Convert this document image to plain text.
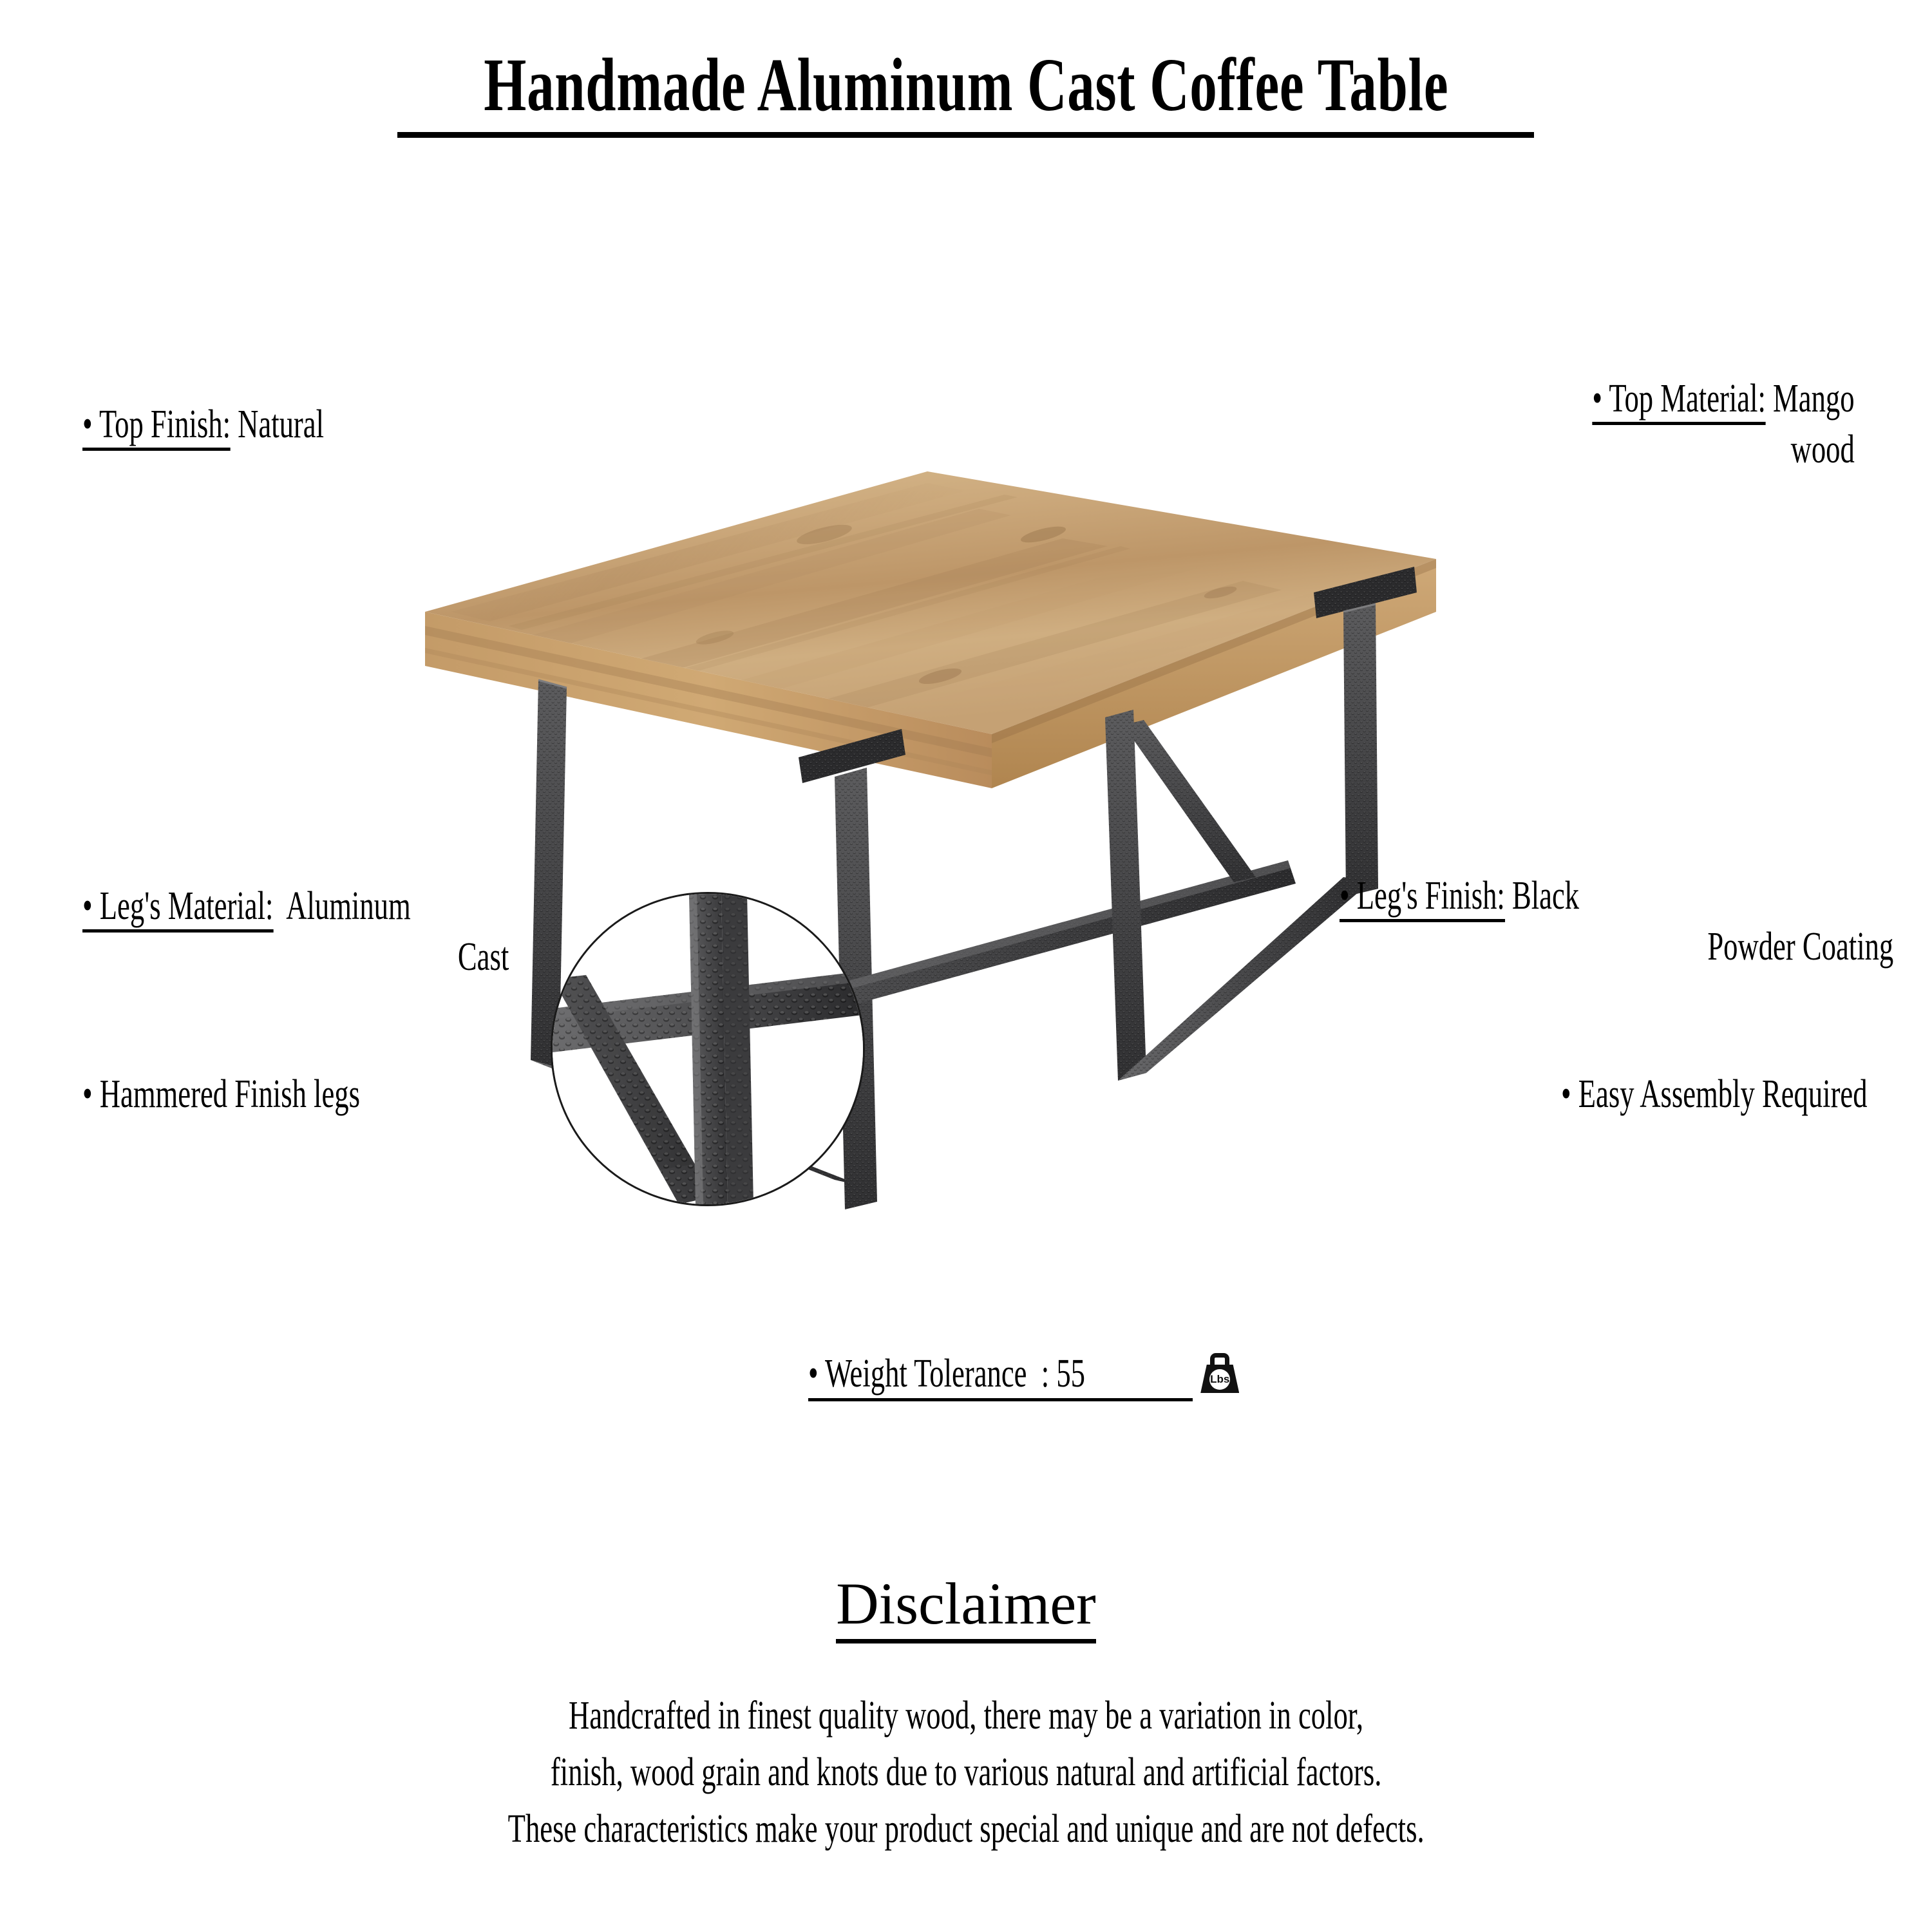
Handmade Aluminum Cast Coffee Table
• Top Finish: Natural
• Top Material: Mango
wood
• Leg's Material:  Aluminum
Cast
• Leg's Finish: Black
Powder Coating
• Hammered Finish legs	• Easy Assembly Required
• Weight Tolerance  : 55	Lbs
Disclaimer
Handcrafted in finest quality wood, there may be a variation in color,
finish, wood grain and knots due to various natural and artificial factors.
These characteristics make your product special and unique and are not defects.
